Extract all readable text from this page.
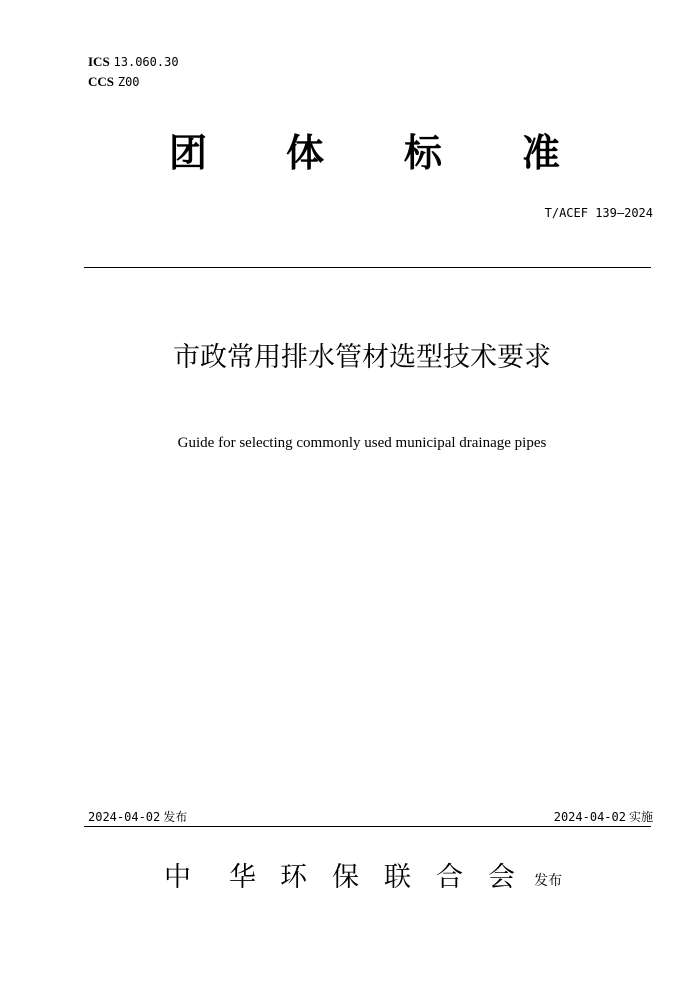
ICS 13.060.30
CCS Z00
团 体 标 准
T/ACEF 139—2024
市政常用排水管材选型技术要求
Guide for selecting commonly used municipal drainage pipes
2024-04-02 发布	2024-04-02 实施
中 华 环 保 联 合 会 发布
